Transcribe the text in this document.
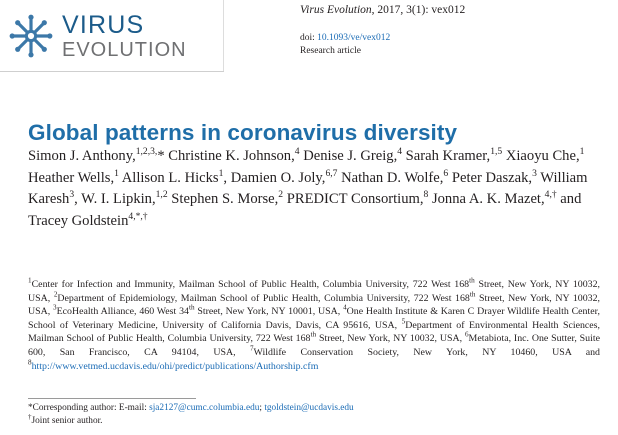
VIRUS
EVOLUTION
Virus Evolution, 2017, 3(1): vex012
doi: 10.1093/ve/vex012
Research article
Global patterns in coronavirus diversity
Simon J. Anthony,$^{1,2,3,}$* Christine K. Johnson,$^4$ Denise J. Greig,$^4$ Sarah Kramer,$^{1,5}$ Xiaoyu Che,$^1$ Heather Wells,$^1$ Allison L. Hicks$^1$, Damien O. Joly,$^{6,7}$ Nathan D. Wolfe,$^6$ Peter Daszak,$^3$ William Karesh$^3$, W. I. Lipkin,$^{1,2}$ Stephen S. Morse,$^2$ PREDICT Consortium,$^8$ Jonna A. K. Mazet,$^{4,\dagger}$ and Tracey Goldstein$^{4,*,\dagger}$
$^1$Center for Infection and Immunity, Mailman School of Public Health, Columbia University, 722 West 168th Street, New York, NY 10032, USA, $^2$Department of Epidemiology, Mailman School of Public Health, Columbia University, 722 West 168th Street, New York, NY 10032, USA, $^3$EcoHealth Alliance, 460 West 34th Street, New York, NY 10001, USA, $^4$One Health Institute & Karen C Drayer Wildlife Health Center, School of Veterinary Medicine, University of California Davis, Davis, CA 95616, USA, $^5$Department of Environmental Health Sciences, Mailman School of Public Health, Columbia University, 722 West 168th Street, New York, NY 10032, USA, $^6$Metabiota, Inc. One Sutter, Suite 600, San Francisco, CA 94104, USA, $^7$Wildlife Conservation Society, New York, NY 10460, USA and $^8$http://www.vetmed.ucdavis.edu/ohi/predict/publications/Authorship.cfm
*Corresponding author: E-mail: sja2127@cumc.columbia.edu; tgoldstein@ucdavis.edu
†Joint senior author.
